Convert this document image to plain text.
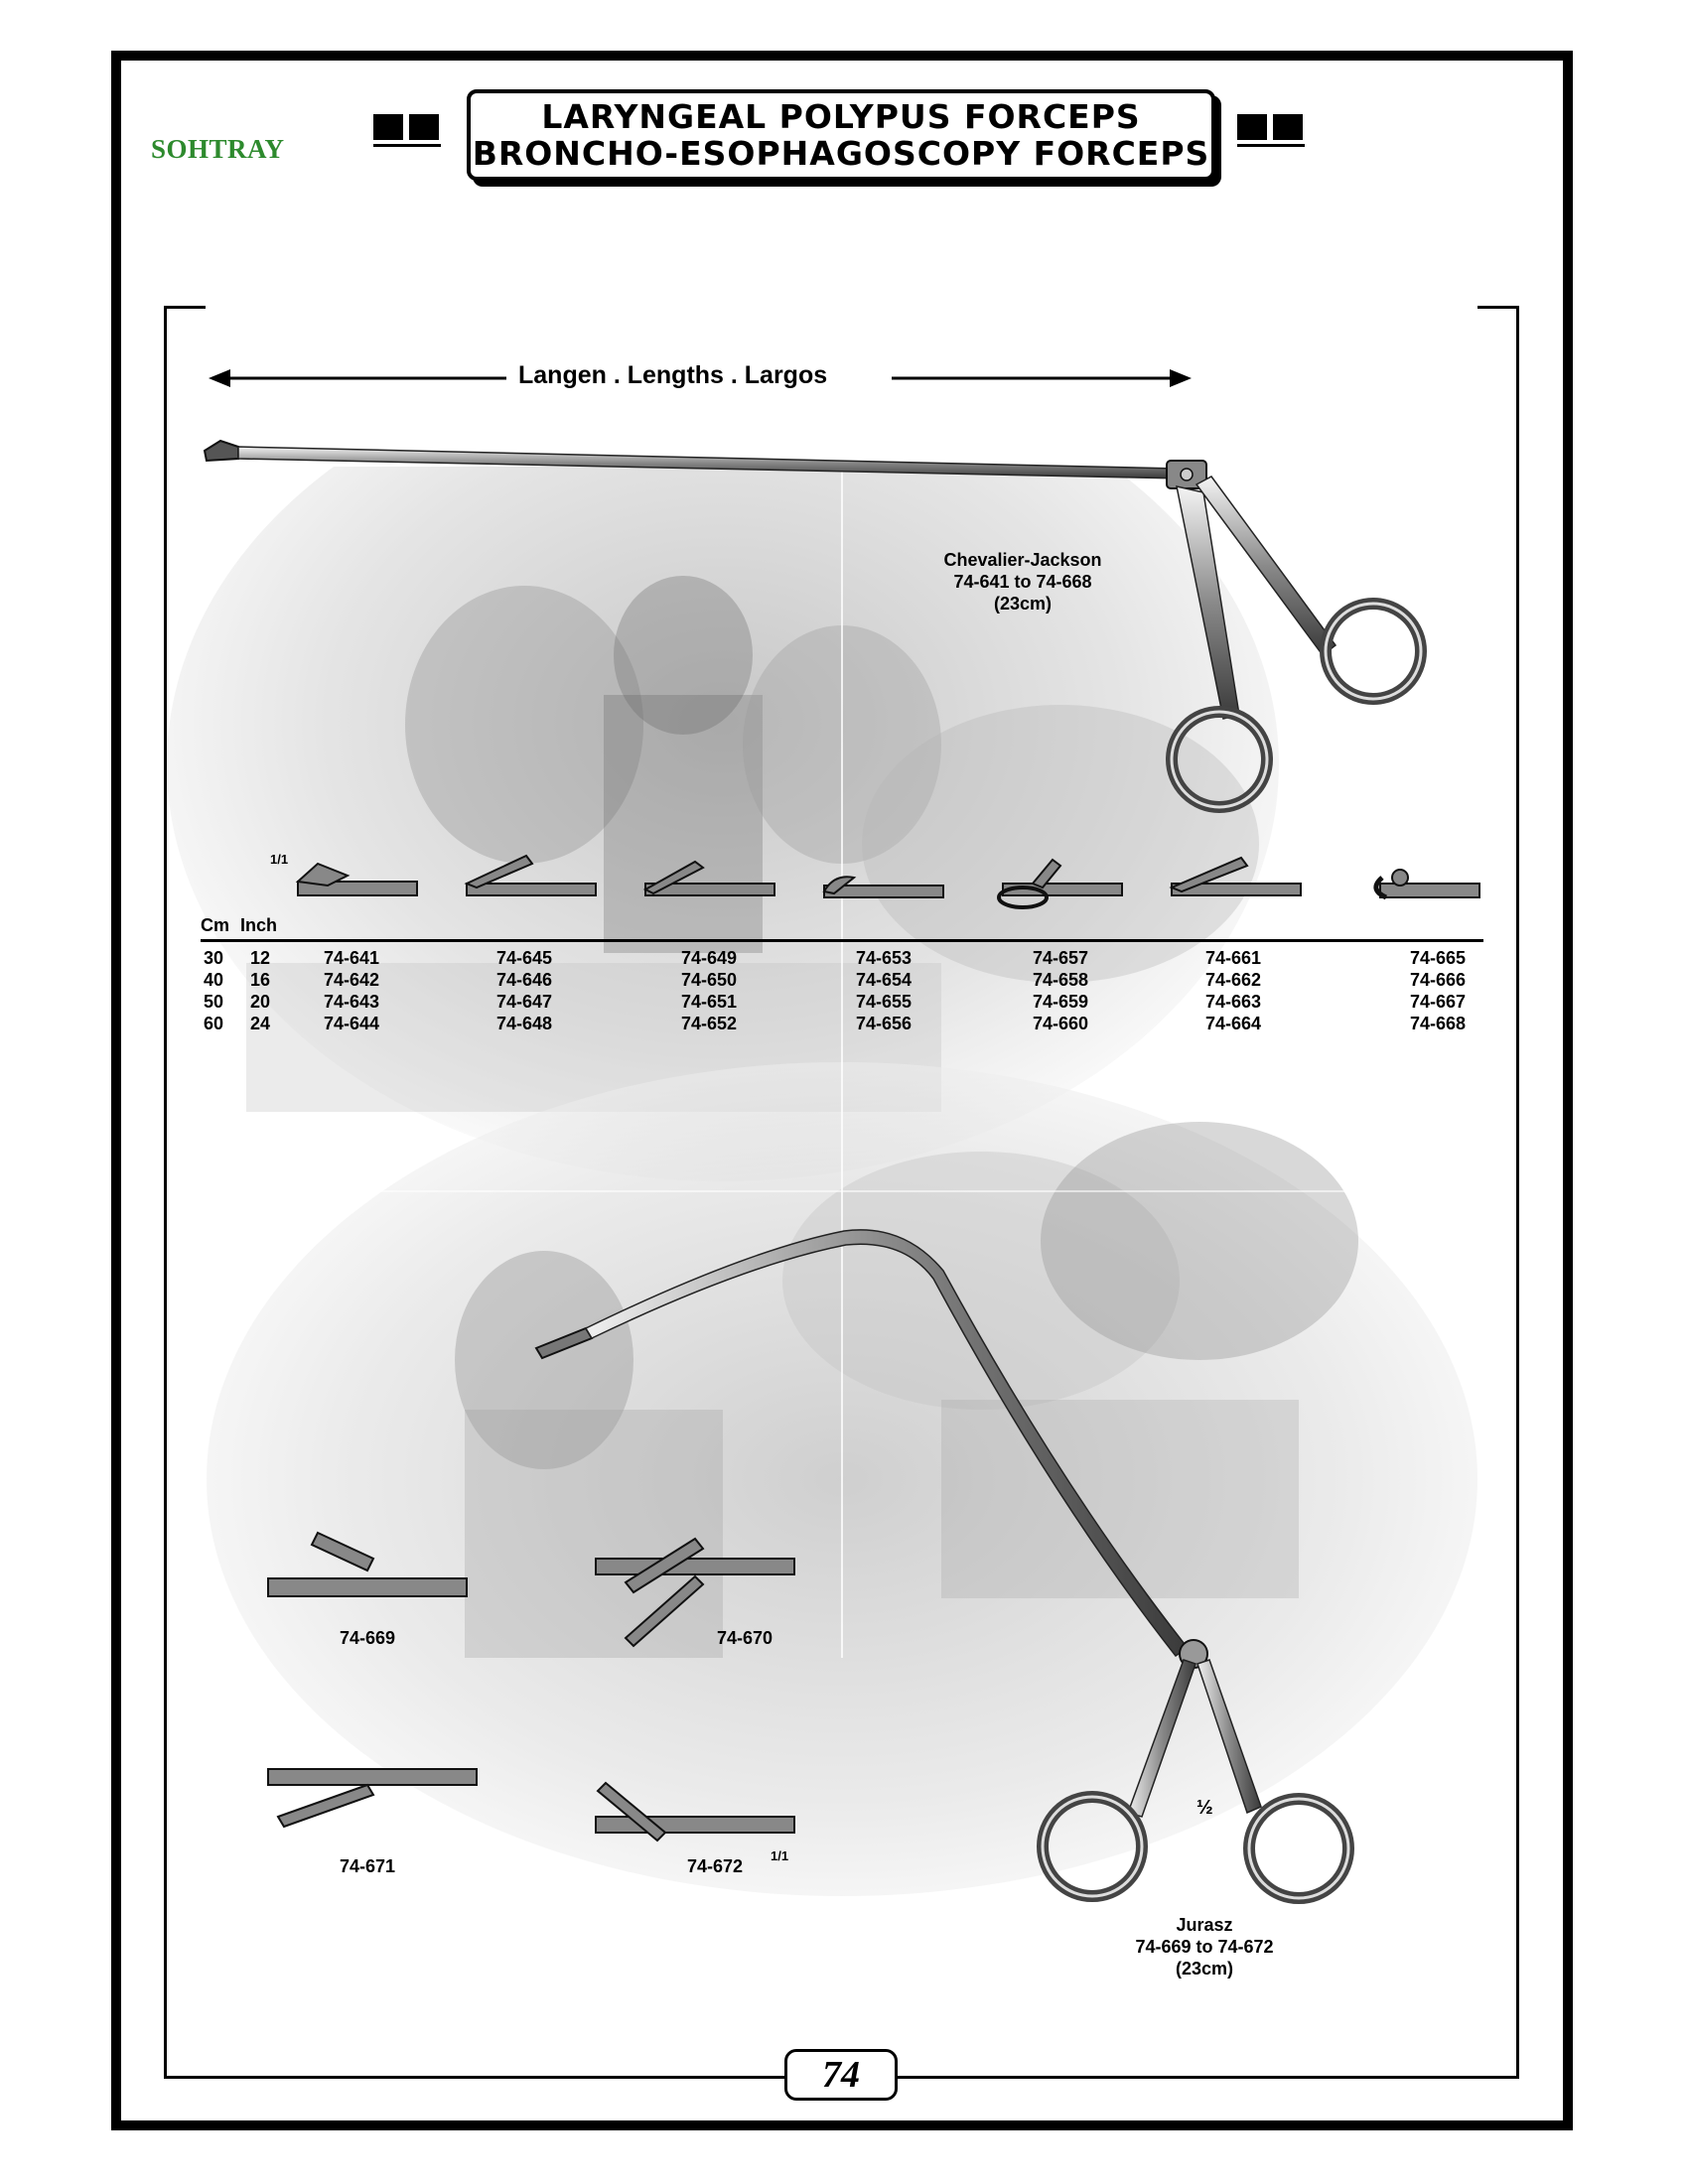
SOHTRAY
LARYNGEAL POLYPUS FORCEPS
BRONCHO-ESOPHAGOSCOPY FORCEPS
Langen . Lengths . Largos
Chevalier-Jackson
74-641 to 74-668
(23cm)
1/1
Cm Inch
30
40
50
60
12
16
20
24
74-641
74-642
74-643
74-644
74-645
74-646
74-647
74-648
74-649
74-650
74-651
74-652
74-653
74-654
74-655
74-656
74-657
74-658
74-659
74-660
74-661
74-662
74-663
74-664
74-665
74-666
74-667
74-668
½
Jurasz
74-669 to 74-672
(23cm)
74-669	74-670
74-671	74-672
1/1
74
